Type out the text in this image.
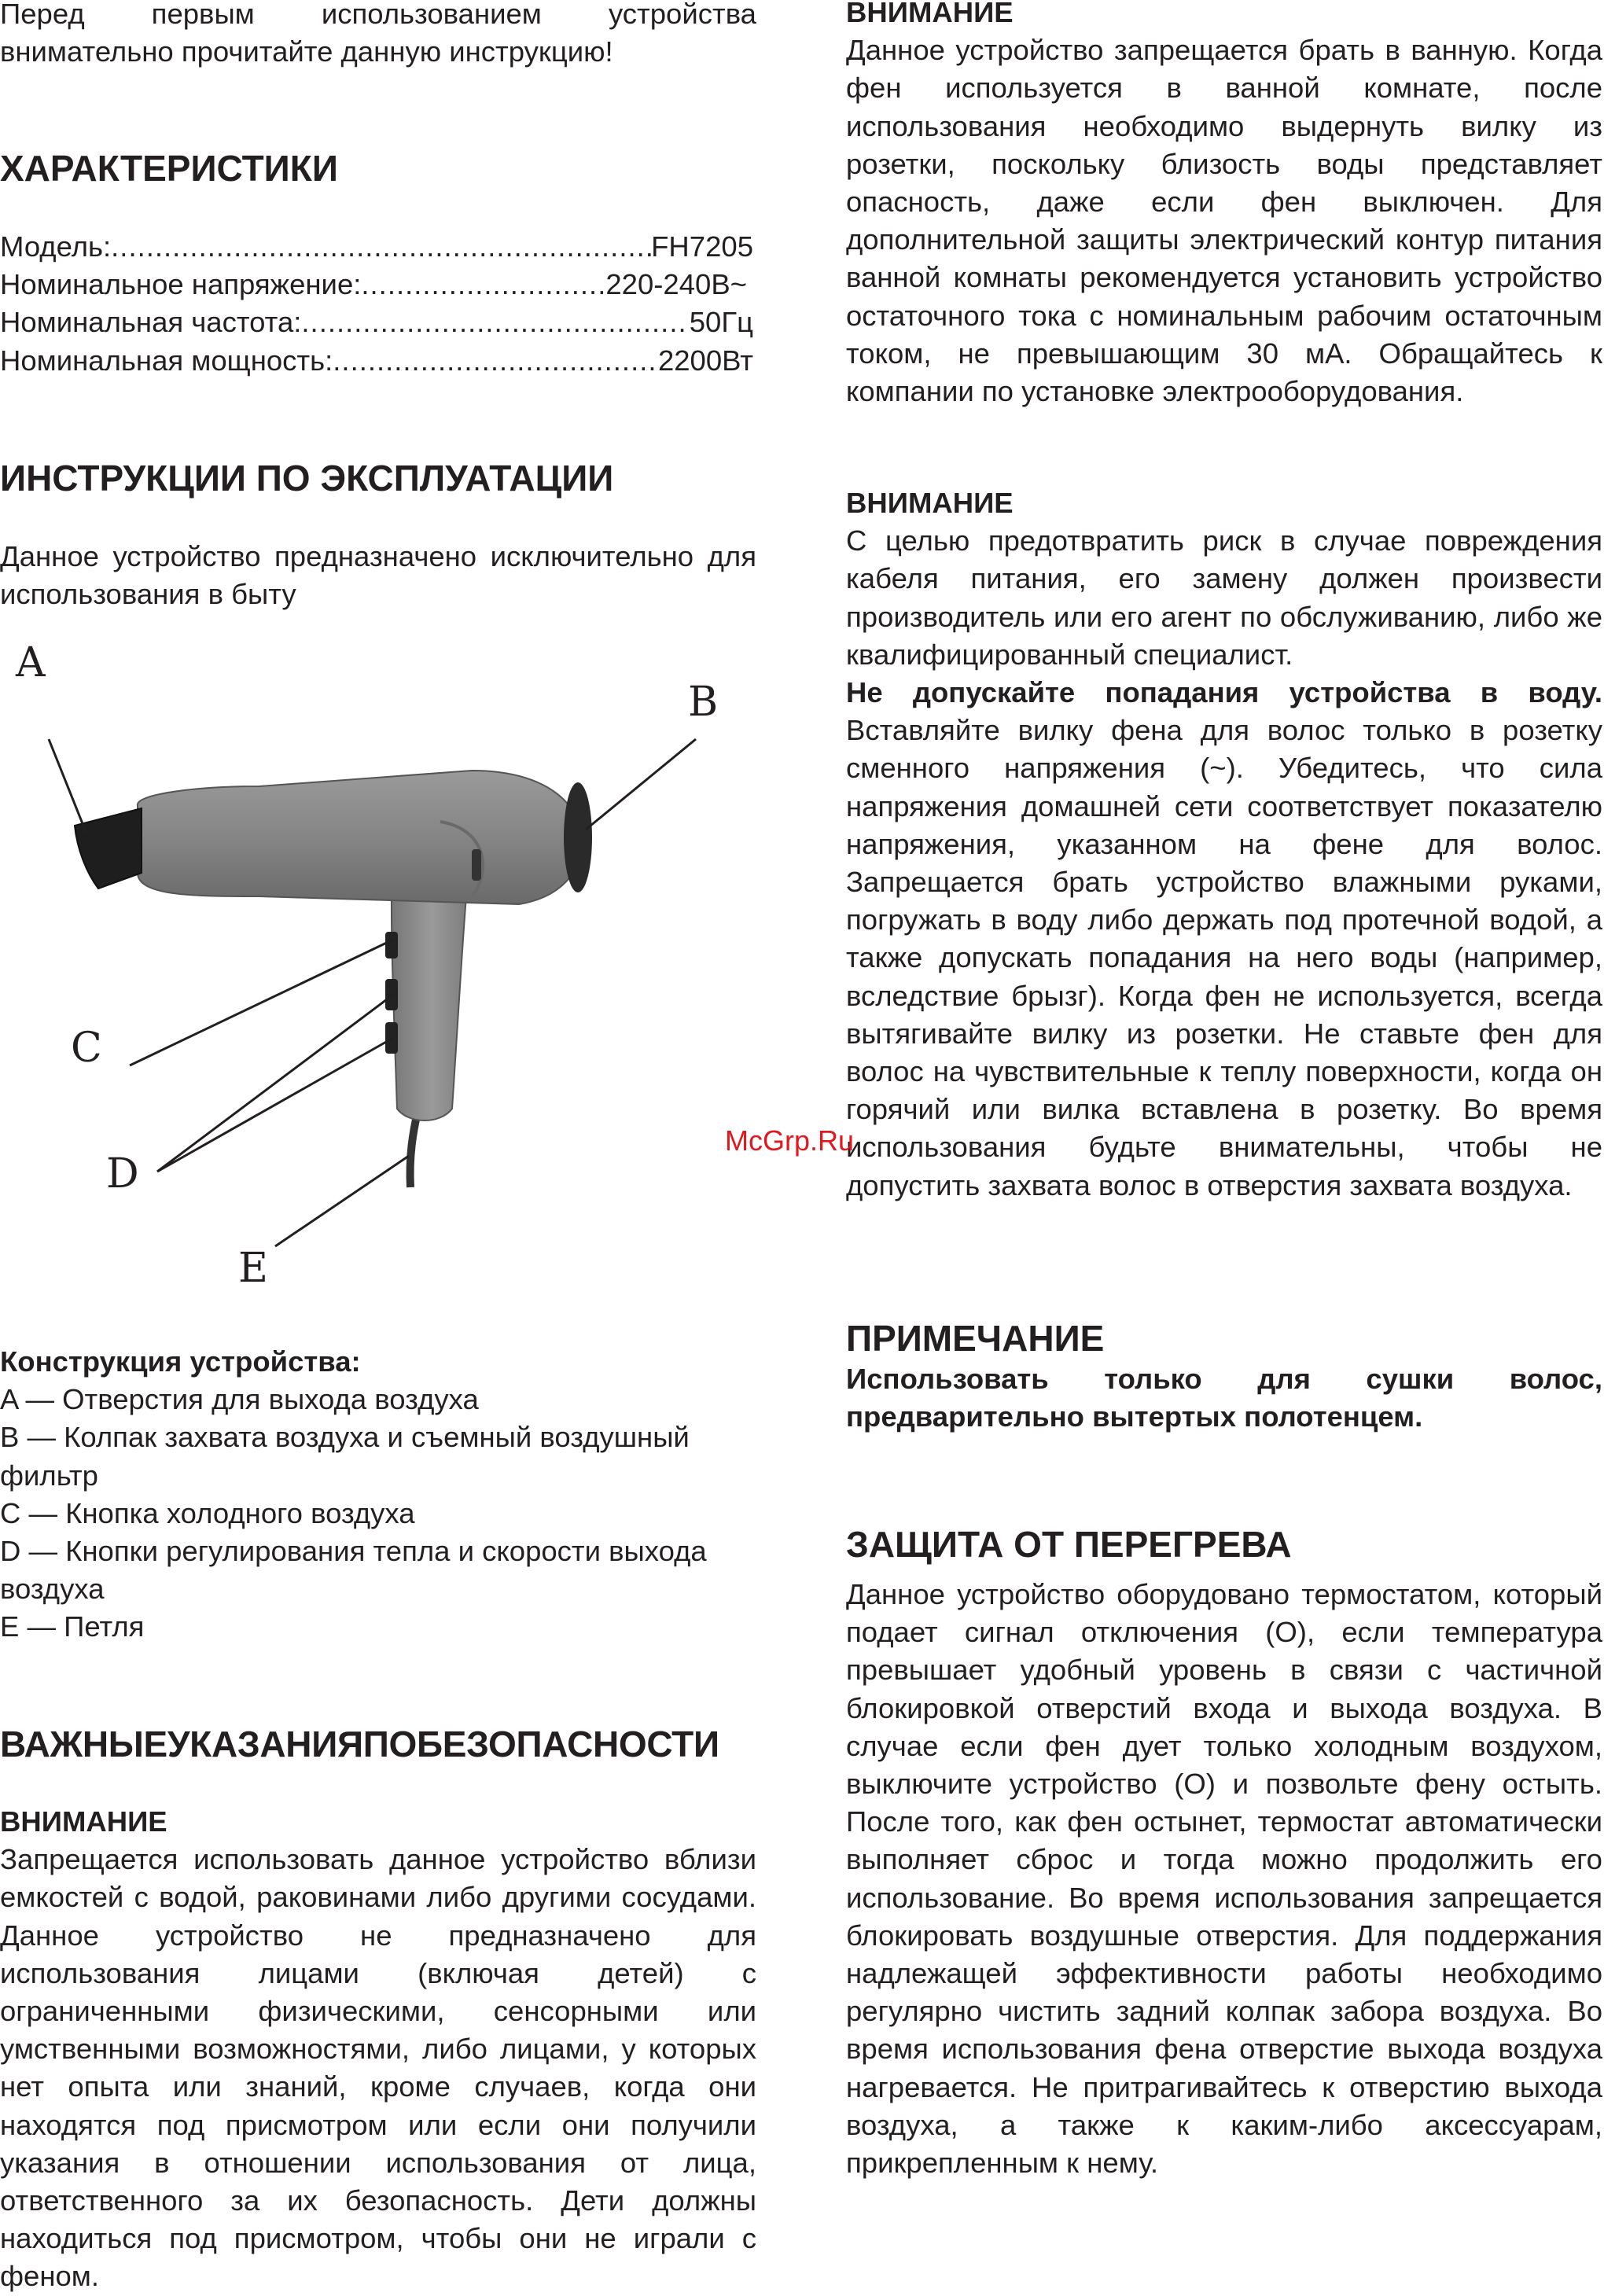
Перед первым использованием устройства внимательно прочитайте данную инструкцию!

ХАРАКТЕРИСТИКИ
Модель: .....	FH7205
Номинальное напряжение: .....	220-240В~
Номинальная частота: .....	50Гц
Номинальная мощность: .....	2200Вт
ИНСТРУКЦИИ ПО ЭКСПЛУАТАЦИИ

Данное устройство предназначено исключительно для использования в быту

A
B
C
D
E
Конструкция устройства:
A — Отверстия для выхода воздуха
B — Колпак захвата воздуха и съемный воздушный фильтр
C — Кнопка холодного воздуха
D — Кнопки регулирования тепла и скорости выхода воздуха
E — Петля
ВАЖНЫЕУКАЗАНИЯПОБЕЗОПАСНОСТИ
ВНИМАНИЕ

Запрещается использовать данное устройство вблизи емкостей с водой, раковинами либо другими сосудами. Данное устройство не предназначено для использования лицами (включая детей) с ограниченными физическими, сенсорными или умственными возможностями, либо лицами, у которых нет опыта или знаний, кроме случаев, когда они находятся под присмотром или если они получили указания в отношении использования от лица, ответственного за их безопасность. Дети должны находиться под присмотром, чтобы они не играли с феном.

ВНИМАНИЕ

Данное устройство запрещается брать в ванную. Когда фен используется в ванной комнате, после использования необходимо выдернуть вилку из розетки, поскольку близость воды представляет опасность, даже если фен выключен. Для дополнительной защиты электрический контур питания ванной комнаты рекомендуется установить устройство остаточного тока с номинальным рабочим остаточным током, не превышающим 30 мА. Обращайтесь к компании по установке электрооборудования.

ВНИМАНИЕ

С целью предотвратить риск в случае повреждения кабеля питания, его замену должен произвести производитель или его агент по обслуживанию, либо же квалифицированный специалист.

Не допускайте попадания устройства в воду. Вставляйте вилку фена для волос только в розетку сменного напряжения (~). Убедитесь, что сила напряжения домашней сети соответствует показателю напряжения, указанном на фене для волос. Запрещается брать устройство влажными руками, погружать в воду либо держать под протечной водой, а также допускать попадания на него воды (например, вследствие брызг). Когда фен не используется, всегда вытягивайте вилку из розетки. Не ставьте фен для волос на чувствительные к теплу поверхности, когда он горячий или вилка вставлена в розетку. Во время использования будьте внимательны, чтобы не допустить захвата волос в отверстия захвата воздуха.

ПРИМЕЧАНИЕ

Использовать только для сушки волос, предварительно вытертых полотенцем.

ЗАЩИТА ОТ ПЕРЕГРЕВА

Данное устройство оборудовано термостатом, который подает сигнал отключения (О), если температура превышает удобный уровень в связи с частичной блокировкой отверстий входа и выхода воздуха. В случае если фен дует только холодным воздухом, выключите устройство (О) и позвольте фену остыть. После того, как фен остынет, термостат автоматически выполняет сброс и тогда можно продолжить его использование. Во время использования запрещается блокировать воздушные отверстия. Для поддержания надлежащей эффективности работы необходимо регулярно чистить задний колпак забора воздуха. Во время использования фена отверстие выхода воздуха нагревается. Не притрагивайтесь к отверстию выхода воздуха, а также к каким-либо аксессуарам, прикрепленным к нему.

McGrp.Ru
